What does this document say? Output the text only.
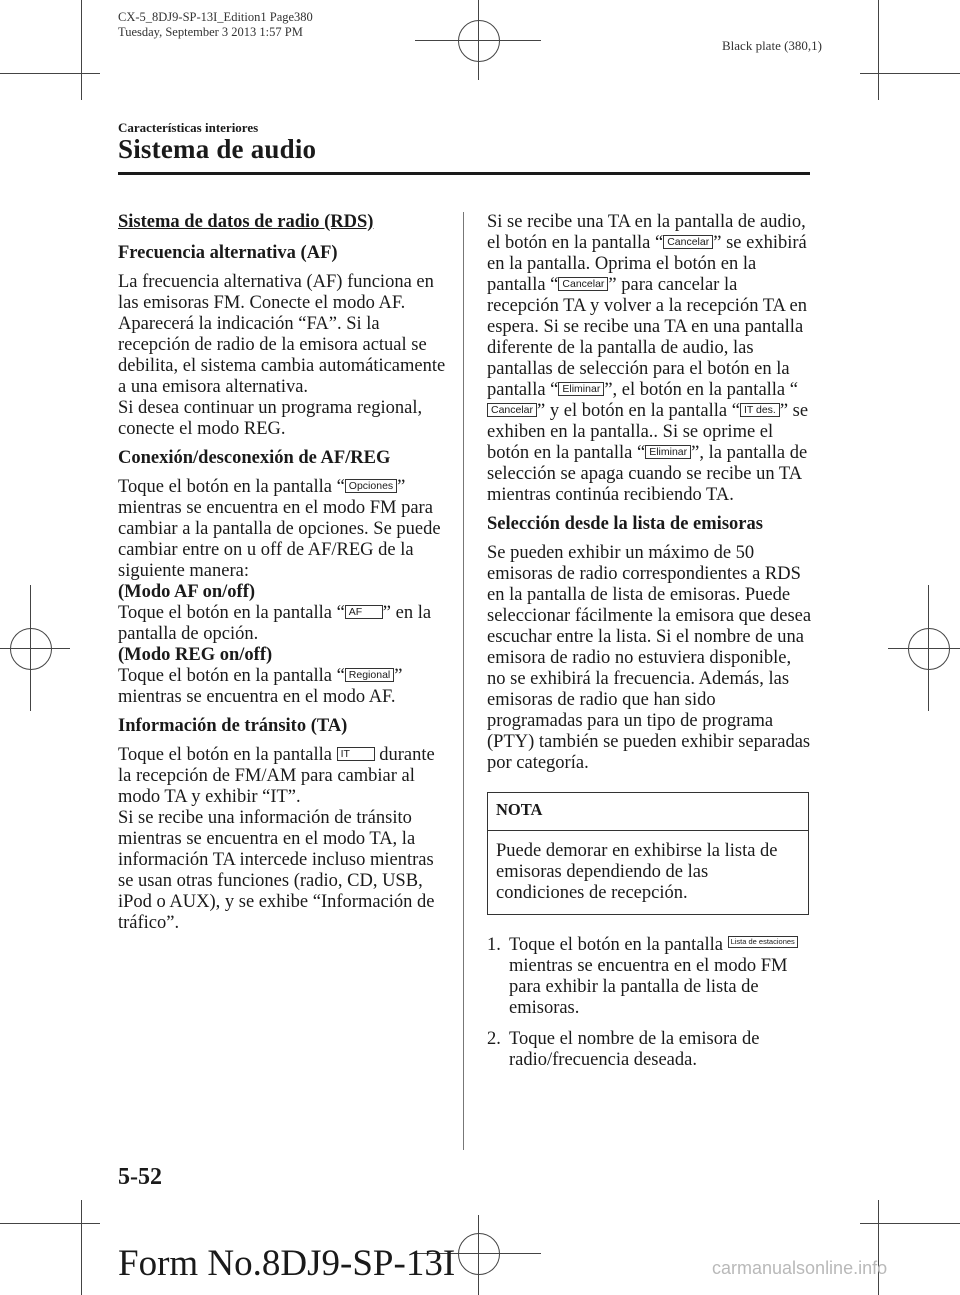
CX-5_8DJ9-SP-13I_Edition1 Page380
Tuesday, September 3 2013 1:57 PM
Black plate (380,1)
Características interiores
Sistema de audio
Sistema de datos de radio (RDS)
Frecuencia alternativa (AF)

La frecuencia alternativa (AF) funciona en las emisoras FM. Conecte el modo AF. Aparecerá la indicación “FA”. Si la recepción de radio de la emisora actual se debilita, el sistema cambia automáticamente a una emisora alternativa.
Si desea continuar un programa regional, conecte el modo REG.

Conexión/desconexión de AF/REG

Toque el botón en la pantalla “ Opciones ” mientras se encuentra en el modo FM para cambiar a la pantalla de opciones. Se puede cambiar entre on u off de AF/REG de la siguiente manera:
(Modo AF on/off)
Toque el botón en la pantalla “ AF ” en la pantalla de opción.
(Modo REG on/off)
Toque el botón en la pantalla “ Regional ” mientras se encuentra en el modo AF.

Información de tránsito (TA)

Toque el botón en la pantalla IT durante la recepción de FM/AM para cambiar al modo TA y exhibir “IT”.
Si se recibe una información de tránsito mientras se encuentra en el modo TA, la información TA intercede incluso mientras se usan otras funciones (radio, CD, USB, iPod o AUX), y se exhibe “Información de tráfico”.

Si se recibe una TA en la pantalla de audio, el botón en la pantalla “ Cancelar ” se exhibirá en la pantalla. Oprima el botón en la pantalla “ Cancelar ” para cancelar la recepción TA y volver a la recepción TA en espera. Si se recibe una TA en una pantalla diferente de la pantalla de audio, las pantallas de selección para el botón en la pantalla “ Eliminar ”, el botón en la pantalla “Cancelar ” y el botón en la pantalla “ IT des. ” se exhiben en la pantalla.. Si se oprime el botón en la pantalla “ Eliminar ”, la pantalla de selección se apaga cuando se recibe un TA mientras continúa recibiendo TA.

Selección desde la lista de emisoras

Se pueden exhibir un máximo de 50 emisoras de radio correspondientes a RDS en la pantalla de lista de emisoras. Puede seleccionar fácilmente la emisora que desea escuchar entre la lista. Si el nombre de una emisora de radio no estuviera disponible, no se exhibirá la frecuencia. Además, las emisoras de radio que han sido programadas para un tipo de programa (PTY) también se pueden exhibir separadas por categoría.

NOTA
Puede demorar en exhibirse la lista de emisoras dependiendo de las condiciones de recepción.
1. Toque el botón en la pantalla Lista de estaciones mientras se encuentra en el modo FM para exhibir la pantalla de lista de emisoras.
2. Toque el nombre de la emisora de radio/frecuencia deseada.
5-52
Form No.8DJ9-SP-13I	carmanualsonline.info
